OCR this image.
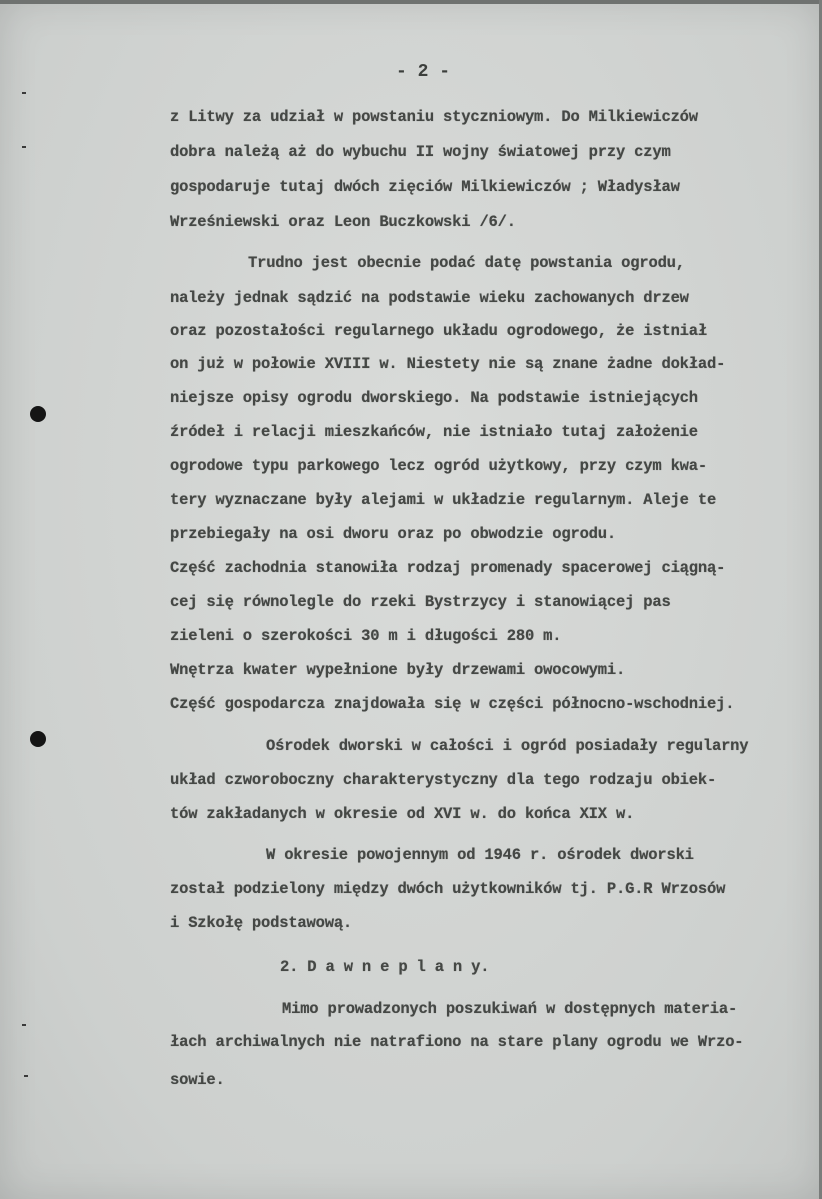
- 2 -
z Litwy za udział w powstaniu styczniowym. Do Milkiewiczów
dobra należą aż do wybuchu II wojny światowej przy czym
gospodaruje tutaj dwóch zięciów Milkiewiczów ; Władysław
Wrześniewski oraz Leon Buczkowski /6/.
Trudno jest obecnie podać datę powstania ogrodu,
należy jednak sądzić na podstawie wieku zachowanych drzew
oraz pozostałości regularnego układu ogrodowego, że istniał
on już w połowie XVIII w. Niestety nie są znane żadne dokład-
niejsze opisy ogrodu dworskiego. Na podstawie istniejących
źródeł i relacji mieszkańców, nie istniało tutaj założenie
ogrodowe typu parkowego lecz ogród użytkowy, przy czym kwa-
tery wyznaczane były alejami w układzie regularnym. Aleje te
przebiegały na osi dworu oraz po obwodzie ogrodu.
Część zachodnia stanowiła rodzaj promenady spacerowej ciągną-
cej się równolegle do rzeki Bystrzycy i stanowiącej pas
zieleni o szerokości 30 m i długości 280 m.
Wnętrza kwater wypełnione były drzewami owocowymi.
Część gospodarcza znajdowała się w części północno-wschodniej.
Ośrodek dworski w całości i ogród posiadały regularny
układ czworoboczny charakterystyczny dla tego rodzaju obiek-
tów zakładanych w okresie od XVI w. do końca XIX w.
W okresie powojennym od 1946 r. ośrodek dworski
został podzielony między dwóch użytkowników tj. P.G.R Wrzosów
i Szkołę podstawową.
2. D a w n e p l a n y.
Mimo prowadzonych poszukiwań w dostępnych materia-
łach archiwalnych nie natrafiono na stare plany ogrodu we Wrzo-
sowie.
